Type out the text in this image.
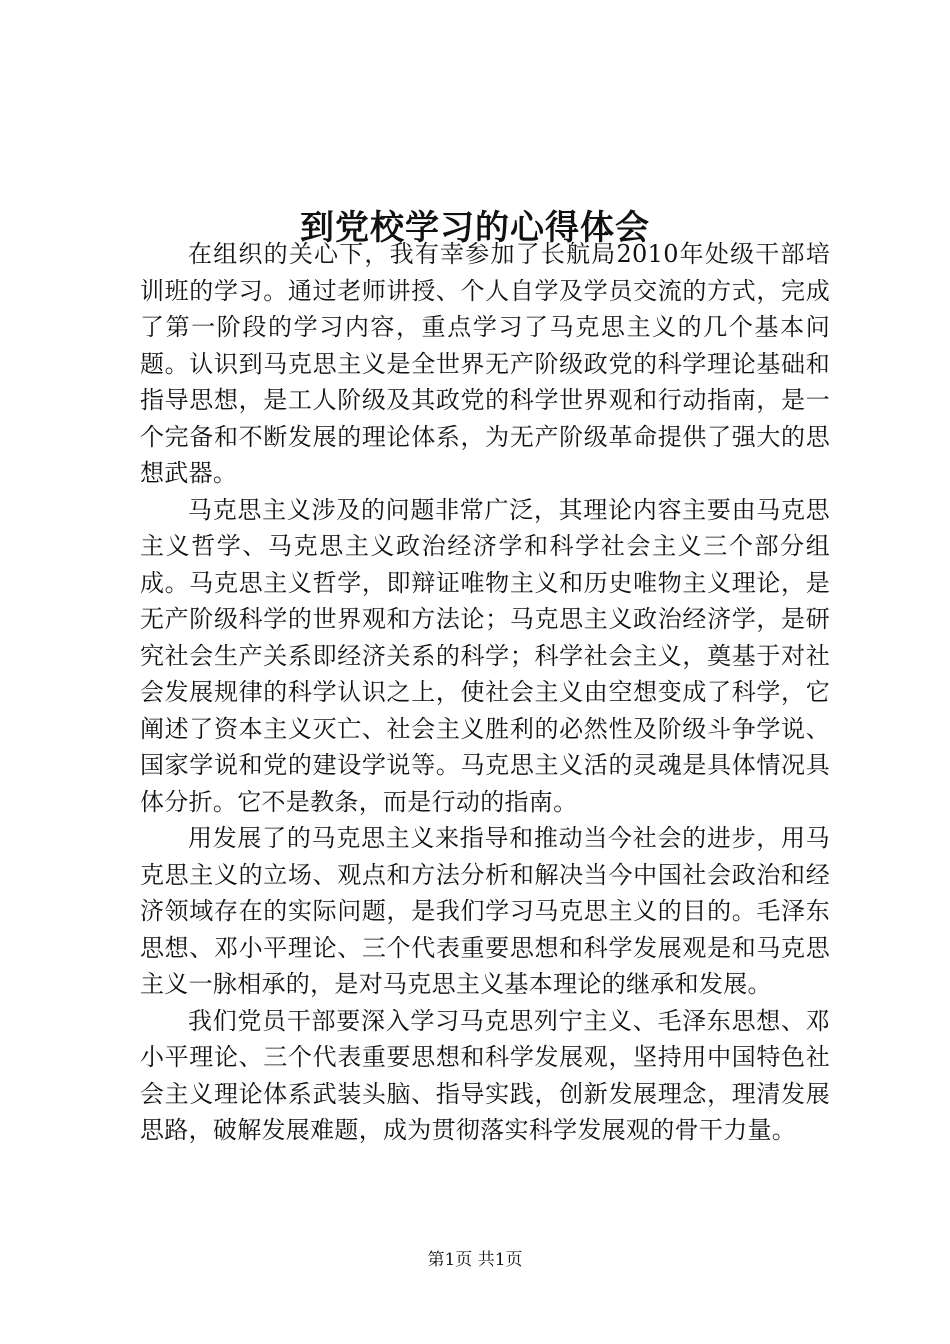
到党校学习的心得体会

在组织的关心下，我有幸参加了长航局2010年处级干部培训班的学习。通过老师讲授、个人自学及学员交流的方式，完成了第一阶段的学习内容，重点学习了马克思主义的几个基本问题。认识到马克思主义是全世界无产阶级政党的科学理论基础和指导思想，是工人阶级及其政党的科学世界观和行动指南，是一个完备和不断发展的理论体系，为无产阶级革命提供了强大的思想武器。

马克思主义涉及的问题非常广泛，其理论内容主要由马克思主义哲学、马克思主义政治经济学和科学社会主义三个部分组成。马克思主义哲学，即辩证唯物主义和历史唯物主义理论，是无产阶级科学的世界观和方法论；马克思主义政治经济学，是研究社会生产关系即经济关系的科学；科学社会主义，奠基于对社会发展规律的科学认识之上，使社会主义由空想变成了科学，它阐述了资本主义灭亡、社会主义胜利的必然性及阶级斗争学说、国家学说和党的建设学说等。马克思主义活的灵魂是具体情况具体分折。它不是教条，而是行动的指南。

用发展了的马克思主义来指导和推动当今社会的进步，用马克思主义的立场、观点和方法分析和解决当今中国社会政治和经济领域存在的实际问题，是我们学习马克思主义的目的。毛泽东思想、邓小平理论、三个代表重要思想和科学发展观是和马克思主义一脉相承的，是对马克思主义基本理论的继承和发展。

我们党员干部要深入学习马克思列宁主义、毛泽东思想、邓小平理论、三个代表重要思想和科学发展观，坚持用中国特色社会主义理论体系武装头脑、指导实践，创新发展理念，理清发展思路，破解发展难题，成为贯彻落实科学发展观的骨干力量。

第1页 共1页
